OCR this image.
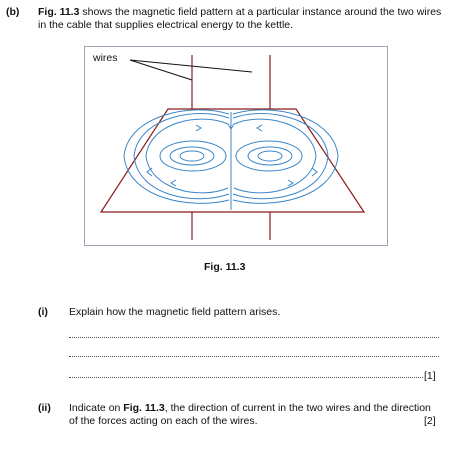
(b) Fig. 11.3 shows the magnetic field pattern at a particular instance around the two wires in the cable that supplies electrical energy to the kettle.
wires
Fig. 11.3
(i) Explain how the magnetic field pattern arises.
[1]
(ii) Indicate on Fig. 11.3, the direction of current in the two wires and the direction of the forces acting on each of the wires.	[2]
